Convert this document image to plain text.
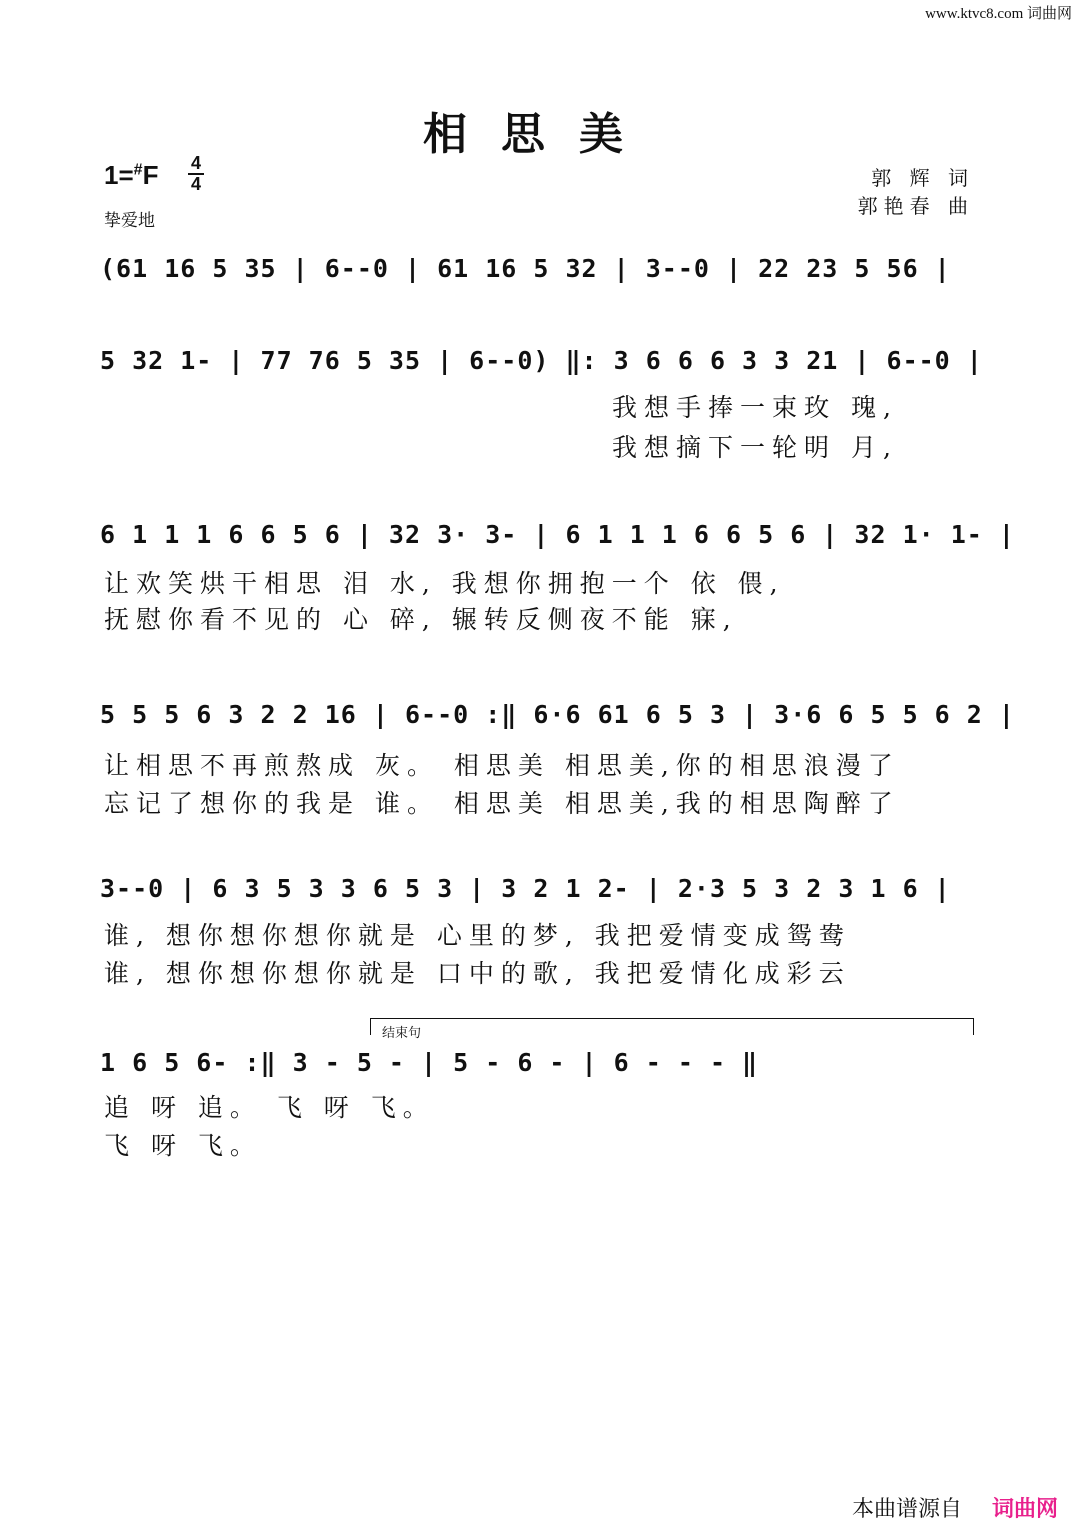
www.ktvc8.com 词曲网
相思美
1=#F 4
4
挚爱地
郭 辉 词
郭艳春 曲
(61 16 5 35 | 6--0 | 61 16 5 32 | 3--0 | 22 23 5 56 |
5 32 1- | 77 76 5 35 | 6--0) ‖: 3 6 6 6 3 3 21 | 6--0 |
我想手捧一束玫 瑰,
我想摘下一轮明 月,
6 1 1 1 6 6 5 6 | 32 3· 3- | 6 1 1 1 6 6 5 6 | 32 1· 1- |
让欢笑烘干相思 泪 水, 我想你拥抱一个 依 偎,
抚慰你看不见的 心 碎, 辗转反侧夜不能 寐,
5 5 5 6 3 2 2 16 | 6--0 :‖ 6·6 61 6 5 3 | 3·6 6 5 5 6 2 |
让相思不再煎熬成 灰。 相思美 相思美,你的相思浪漫了
忘记了想你的我是 谁。 相思美 相思美,我的相思陶醉了
3--0 | 6 3 5 3 3 6 5 3 | 3 2 1 2- | 2·3 5 3 2 3 1 6 |
谁, 想你想你想你就是 心里的梦, 我把爱情变成鸳鸯
谁, 想你想你想你就是 口中的歌, 我把爱情化成彩云
结束句
1 6 5 6- :‖ 3 - 5 - | 5 - 6 - | 6 - - - ‖
追 呀 追。 飞 呀 飞。
飞 呀 飞。
本曲谱源自 词曲网
